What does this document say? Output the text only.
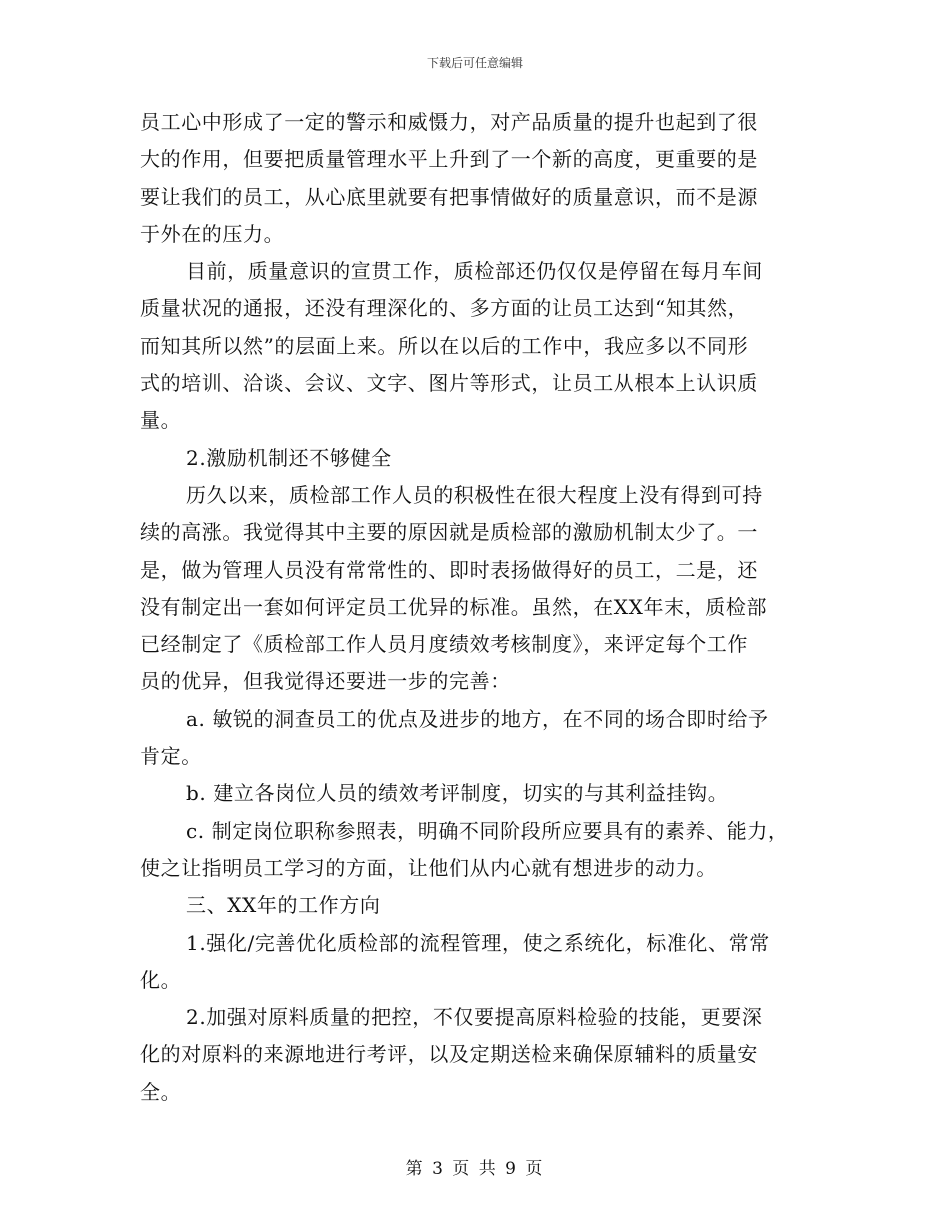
下载后可任意编辑
员工心中形成了一定的警示和威慑力，对产品质量的提升也起到了很
大的作用，但要把质量管理水平上升到了一个新的高度，更重要的是
要让我们的员工，从心底里就要有把事情做好的质量意识，而不是源
于外在的压力。
目前，质量意识的宣贯工作，质检部还仍仅仅是停留在每月车间
质量状况的通报，还没有理深化的、多方面的让员工达到“知其然，
而知其所以然”的层面上来。所以在以后的工作中，我应多以不同形
式的培训、洽谈、会议、文字、图片等形式，让员工从根本上认识质
量。
2.激励机制还不够健全
历久以来，质检部工作人员的积极性在很大程度上没有得到可持
续的高涨。我觉得其中主要的原因就是质检部的激励机制太少了。一
是，做为管理人员没有常常性的、即时表扬做得好的员工，二是，还
没有制定出一套如何评定员工优异的标准。虽然，在XX年末，质检部
已经制定了《质检部工作人员月度绩效考核制度》，来评定每个工作
员的优异，但我觉得还要进一步的完善：
a. 敏锐的洞查员工的优点及进步的地方，在不同的场合即时给予
肯定。
b. 建立各岗位人员的绩效考评制度，切实的与其利益挂钩。
c. 制定岗位职称参照表，明确不同阶段所应要具有的素养、能力，
使之让指明员工学习的方面，让他们从内心就有想进步的动力。
三、XX年的工作方向
1.强化/完善优化质检部的流程管理，使之系统化，标准化、常常
化。
2.加强对原料质量的把控，不仅要提高原料检验的技能，更要深
化的对原料的来源地进行考评，以及定期送检来确保原辅料的质量安
全。
第 3 页 共 9 页
